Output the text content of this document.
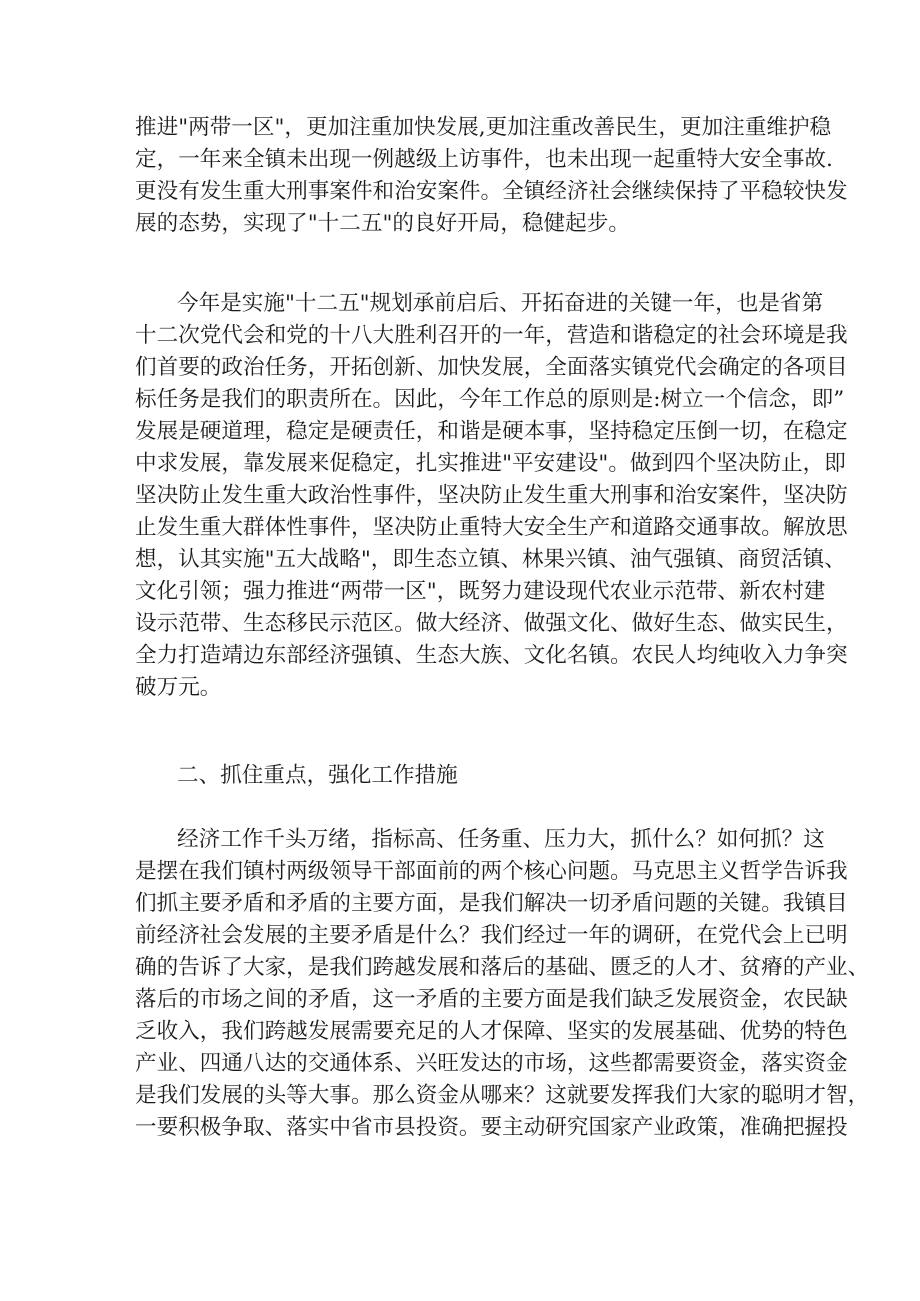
推进"两带一区"，更加注重加快发展,更加注重改善民生，更加注重维护稳
定，一年来全镇未出现一例越级上访事件，也未出现一起重特大安全事故.
更没有发生重大刑事案件和治安案件。全镇经济社会继续保持了平稳较快发
展的态势，实现了"十二五"的良好开局，稳健起步。
今年是实施"十二五"规划承前启后、开拓奋进的关键一年，也是省第
十二次党代会和党的十八大胜利召开的一年，营造和谐稳定的社会环境是我
们首要的政治任务，开拓创新、加快发展，全面落实镇党代会确定的各项目
标任务是我们的职责所在。因此，今年工作总的原则是:树立一个信念，即”
发展是硬道理，稳定是硬责任，和谐是硬本事，坚持稳定压倒一切，在稳定
中求发展，靠发展来促稳定，扎实推进"平安建设"。做到四个坚决防止，即
坚决防止发生重大政治性事件，坚决防止发生重大刑事和治安案件，坚决防
止发生重大群体性事件，坚决防止重特大安全生产和道路交通事故。解放思
想，认其实施"五大战略"，即生态立镇、林果兴镇、油气强镇、商贸活镇、
文化引领；强力推进“两带一区"，既努力建设现代农业示范带、新农村建
设示范带、生态移民示范区。做大经济、做强文化、做好生态、做实民生，
全力打造靖边东部经济强镇、生态大族、文化名镇。农民人均纯收入力争突
破万元。
二、抓住重点，强化工作措施
经济工作千头万绪，指标高、任务重、压力大，抓什么？如何抓？这
是摆在我们镇村两级领导干部面前的两个核心问题。马克思主义哲学告诉我
们抓主要矛盾和矛盾的主要方面，是我们解决一切矛盾问题的关键。我镇目
前经济社会发展的主要矛盾是什么？我们经过一年的调研，在党代会上已明
确的告诉了大家，是我们跨越发展和落后的基础、匮乏的人才、贫瘠的产业、
落后的市场之间的矛盾，这一矛盾的主要方面是我们缺乏发展资金，农民缺
乏收入，我们跨越发展需要充足的人才保障、坚实的发展基础、优势的特色
产业、四通八达的交通体系、兴旺发达的市场，这些都需要资金，落实资金
是我们发展的头等大事。那么资金从哪来？这就要发挥我们大家的聪明才智，
一要积极争取、落实中省市县投资。要主动研究国家产业政策，准确把握投
